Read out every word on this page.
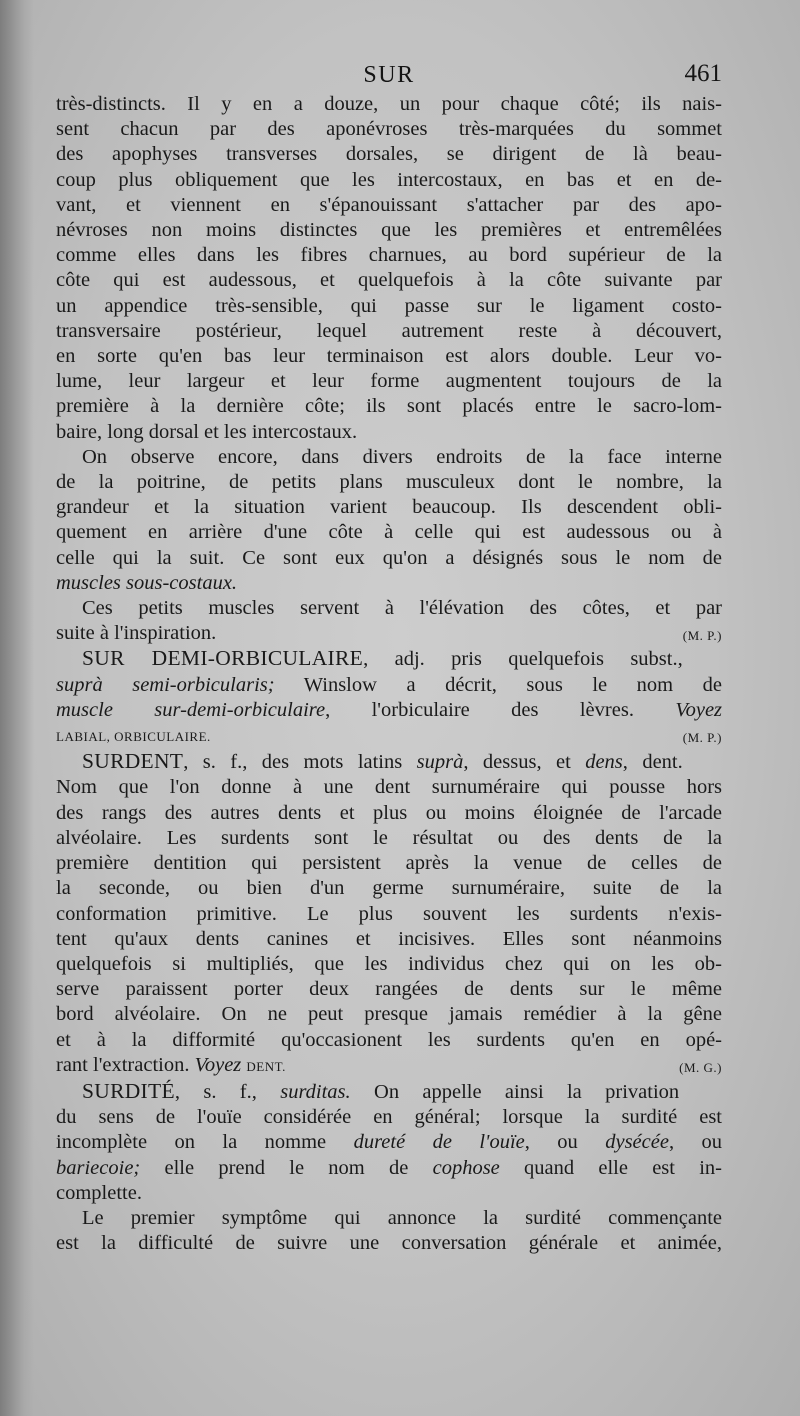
SUR	461
très-distincts. Il y en a douze, un pour chaque côté; ils nais-
sent chacun par des aponévroses très-marquées du sommet
des apophyses transverses dorsales, se dirigent de là beau-
coup plus obliquement que les intercostaux, en bas et en de-
vant, et viennent en s'épanouissant s'attacher par des apo-
névroses non moins distinctes que les premières et entremêlées
comme elles dans les fibres charnues, au bord supérieur de la
côte qui est audessous, et quelquefois à la côte suivante par
un appendice très-sensible, qui passe sur le ligament costo-
transversaire postérieur, lequel autrement reste à découvert,
en sorte qu'en bas leur terminaison est alors double. Leur vo-
lume, leur largeur et leur forme augmentent toujours de la
première à la dernière côte; ils sont placés entre le sacro-lom-
baire, long dorsal et les intercostaux.
On observe encore, dans divers endroits de la face interne
de la poitrine, de petits plans musculeux dont le nombre, la
grandeur et la situation varient beaucoup. Ils descendent obli-
quement en arrière d'une côte à celle qui est audessous ou à
celle qui la suit. Ce sont eux qu'on a désignés sous le nom de
muscles sous-costaux.
Ces petits muscles servent à l'élévation des côtes, et par
suite à l'inspiration.	(M. P.)
SUR DEMI-ORBICULAIRE, adj. pris quelquefois subst.,
suprà semi-orbicularis; Winslow a décrit, sous le nom de
muscle sur-demi-orbiculaire, l'orbiculaire des lèvres. Voyez
LABIAL, ORBICULAIRE.	(M. P.)
SURDENT, s. f., des mots latins suprà, dessus, et dens, dent.
Nom que l'on donne à une dent surnuméraire qui pousse hors
des rangs des autres dents et plus ou moins éloignée de l'arcade
alvéolaire. Les surdents sont le résultat ou des dents de la
première dentition qui persistent après la venue de celles de
la seconde, ou bien d'un germe surnuméraire, suite de la
conformation primitive. Le plus souvent les surdents n'exis-
tent qu'aux dents canines et incisives. Elles sont néanmoins
quelquefois si multipliés, que les individus chez qui on les ob-
serve paraissent porter deux rangées de dents sur le même
bord alvéolaire. On ne peut presque jamais remédier à la gêne
et à la difformité qu'occasionent les surdents qu'en en opé-
rant l'extraction. Voyez DENT.	(M. G.)
SURDITÉ, s. f., surditas. On appelle ainsi la privation
du sens de l'ouïe considérée en général; lorsque la surdité est
incomplète on la nomme dureté de l'ouïe, ou dysécée, ou
bariecoie; elle prend le nom de cophose quand elle est in-
complette.
Le premier symptôme qui annonce la surdité commençante
est la difficulté de suivre une conversation générale et animée,
